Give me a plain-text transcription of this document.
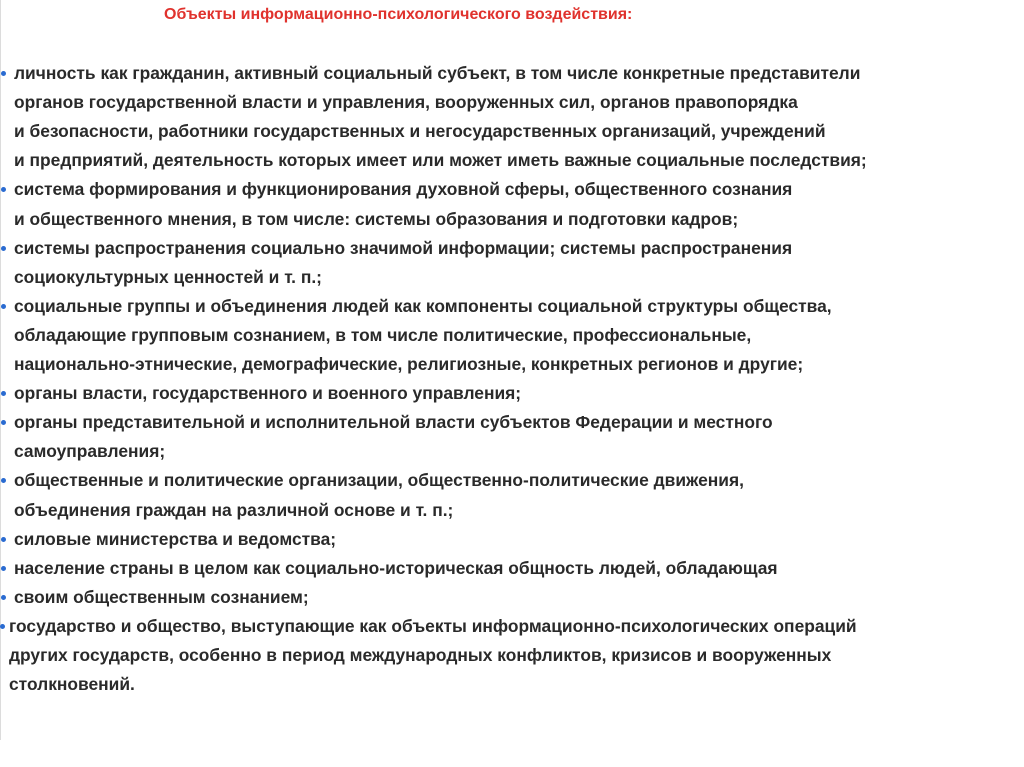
Объекты информационно-психологического воздействия:
личность как гражданин, активный социальный субъект, в том числе конкретные представители
органов государственной власти и управления, вооруженных сил, органов правопорядка
и безопасности, работники государственных и негосударственных организаций, учреждений
и предприятий, деятельность которых имеет или может иметь важные социальные последствия;
система формирования и функционирования духовной сферы, общественного сознания
и общественного мнения, в том числе: системы образования и подготовки кадров;
системы распространения социально значимой информации; системы распространения
социокультурных ценностей и т. п.;
социальные группы и объединения людей как компоненты социальной структуры общества,
обладающие групповым сознанием, в том числе политические, профессиональные,
национально-этнические, демографические, религиозные, конкретных регионов и другие;
органы власти, государственного и военного управления;
органы представительной и исполнительной власти субъектов Федерации и местного
самоуправления;
общественные и политические организации, общественно-политические движения,
объединения граждан на различной основе и т. п.;
силовые министерства и ведомства;
население страны в целом как социально-историческая общность людей, обладающая
своим общественным сознанием;
государство и общество, выступающие как объекты информационно-психологических операций
других государств, особенно в период международных конфликтов, кризисов и вооруженных
столкновений.
